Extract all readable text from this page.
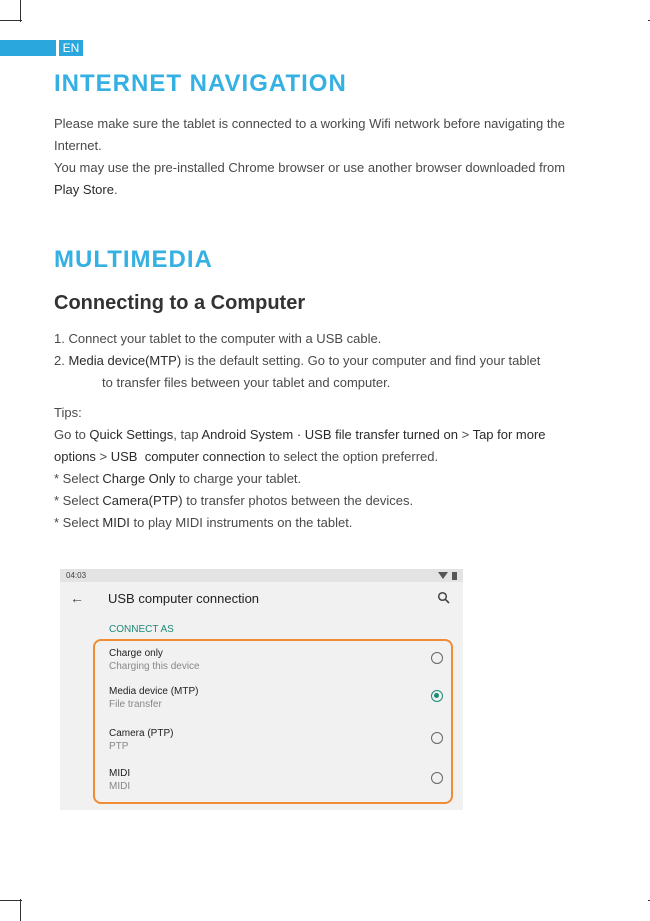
EN
INTERNET NAVIGATION

Please make sure the tablet is connected to a working Wifi network before navigating the

Internet.

You may use the pre-installed Chrome browser or use another browser downloaded from

Play Store.

MULTIMEDIA
Connecting to a Computer

1. Connect your tablet to the computer with a USB cable.

2. Media device(MTP) is the default setting. Go to your computer and find your tablet

to transfer files between your tablet and computer.

Tips:

Go to Quick Settings, tap Android System · USB file transfer turned on > Tap for more

options > USB  computer connection to select the option preferred.

* Select Charge Only to charge your tablet.

* Select Camera(PTP) to transfer photos between the devices.

* Select MIDI to play MIDI instruments on the tablet.

04:03
←	USB computer connection
CONNECT AS
Charge only
Charging this device
Media device (MTP)
File transfer
Camera (PTP)
PTP
MIDI
MIDI
